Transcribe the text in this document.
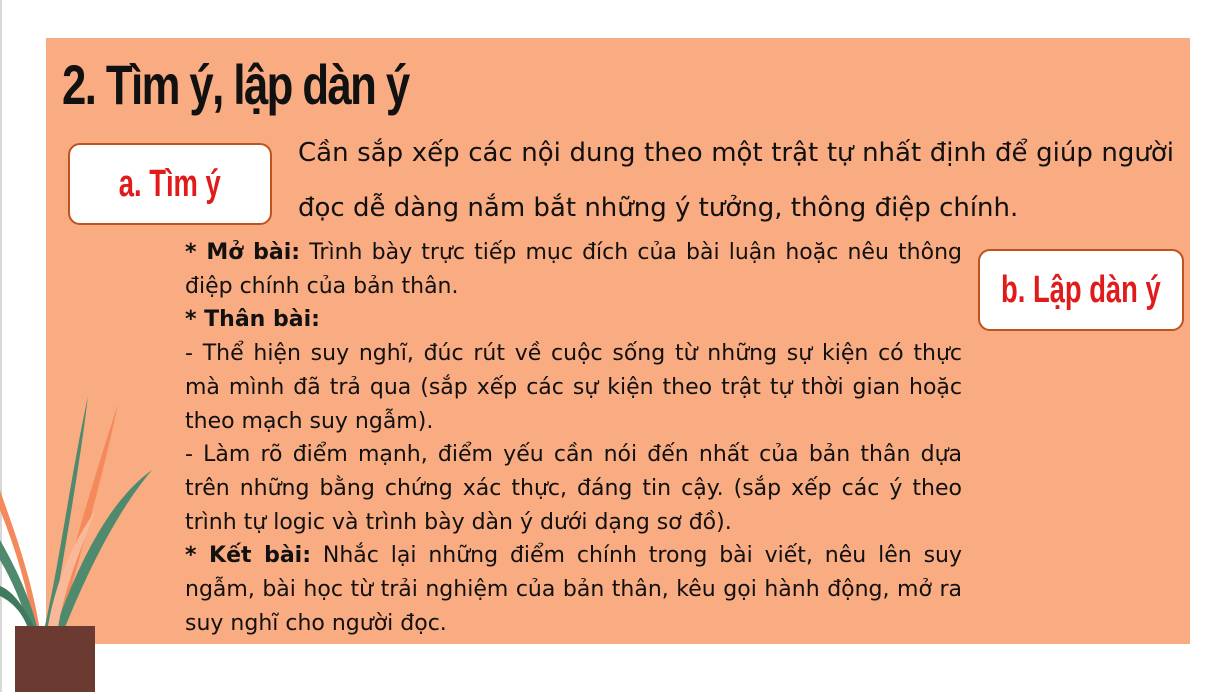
2. Tìm ý, lập dàn ý
a. Tìm ý

Cần sắp xếp các nội dung theo một trật tự nhất định để giúp người đọc dễ dàng nắm bắt những ý tưởng, thông điệp chính.

b. Lập dàn ý

* Mở bài: Trình bày trực tiếp mục đích của bài luận hoặc nêu thông điệp chính của bản thân.

* Thân bài:

- Thể hiện suy nghĩ, đúc rút về cuộc sống từ những sự kiện có thực mà mình đã trả qua (sắp xếp các sự kiện theo trật tự thời gian hoặc theo mạch suy ngẫm).

- Làm rõ điểm mạnh, điểm yếu cần nói đến nhất của bản thân dựa trên những bằng chứng xác thực, đáng tin cậy. (sắp xếp các ý theo trình tự logic và trình bày dàn ý dưới dạng sơ đồ).

* Kết bài: Nhắc lại những điểm chính trong bài viết, nêu lên suy ngẫm, bài học từ trải nghiệm của bản thân, kêu gọi hành động, mở ra suy nghĩ cho người đọc.
